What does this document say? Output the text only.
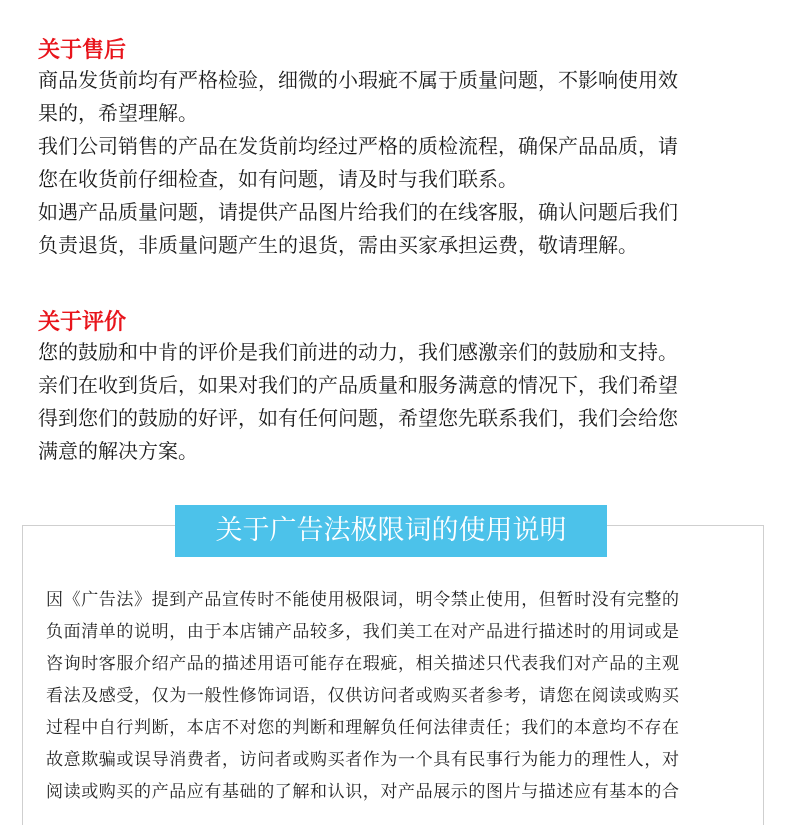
关于售后

商品发货前均有严格检验，细微的小瑕疵不属于质量问题，不影响使用效

果的，希望理解。

我们公司销售的产品在发货前均经过严格的质检流程，确保产品品质，请

您在收货前仔细检查，如有问题，请及时与我们联系。

如遇产品质量问题，请提供产品图片给我们的在线客服，确认问题后我们

负责退货，非质量问题产生的退货，需由买家承担运费，敬请理解。

关于评价

您的鼓励和中肯的评价是我们前进的动力，我们感激亲们的鼓励和支持。

亲们在收到货后，如果对我们的产品质量和服务满意的情况下，我们希望

得到您们的鼓励的好评，如有任何问题，希望您先联系我们，我们会给您

满意的解决方案。

关于广告法极限词的使用说明

因《广告法》提到产品宣传时不能使用极限词，明令禁止使用，但暂时没有完整的

负面清单的说明，由于本店铺产品较多，我们美工在对产品进行描述时的用词或是

咨询时客服介绍产品的描述用语可能存在瑕疵，相关描述只代表我们对产品的主观

看法及感受，仅为一般性修饰词语，仅供访问者或购买者参考，请您在阅读或购买

过程中自行判断，本店不对您的判断和理解负任何法律责任；我们的本意均不存在

故意欺骗或误导消费者，访问者或购买者作为一个具有民事行为能力的理性人，对

阅读或购买的产品应有基础的了解和认识，对产品展示的图片与描述应有基本的合
